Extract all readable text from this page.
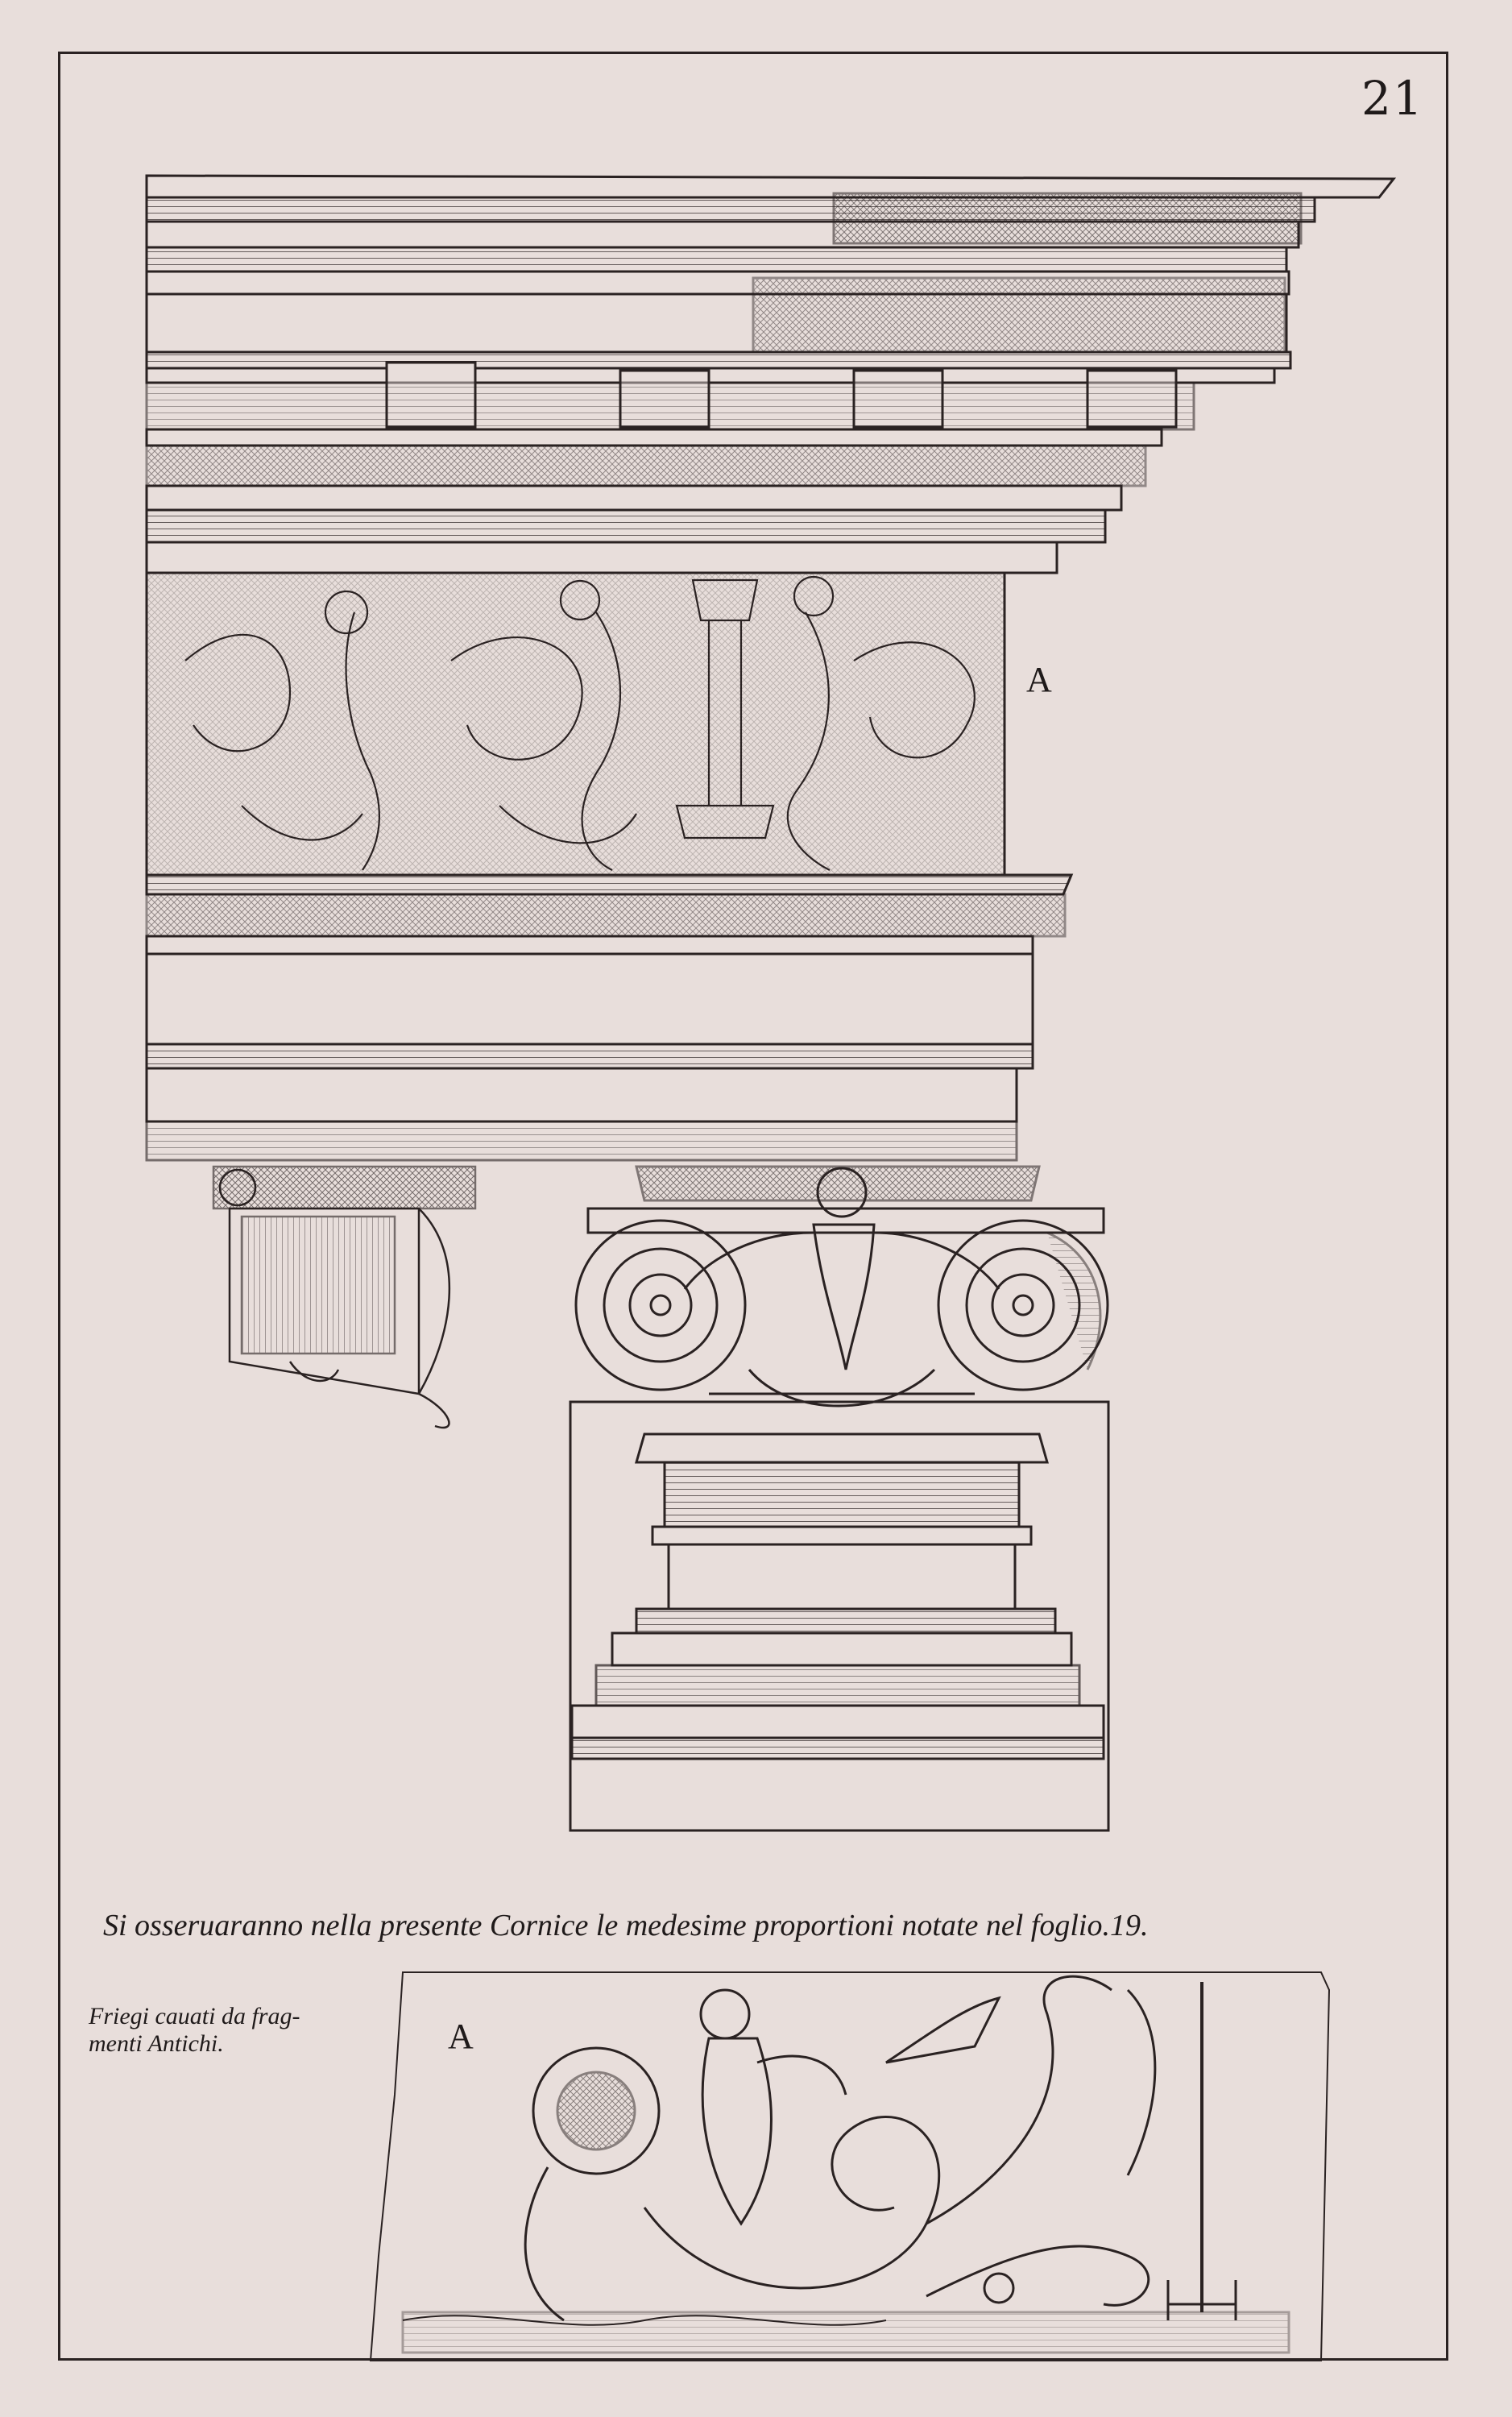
21
A
A
Si osseruaranno nella presente Cornice le medesime proportioni notate nel foglio.19.
Friegi cauati da frag-
menti Antichi.
